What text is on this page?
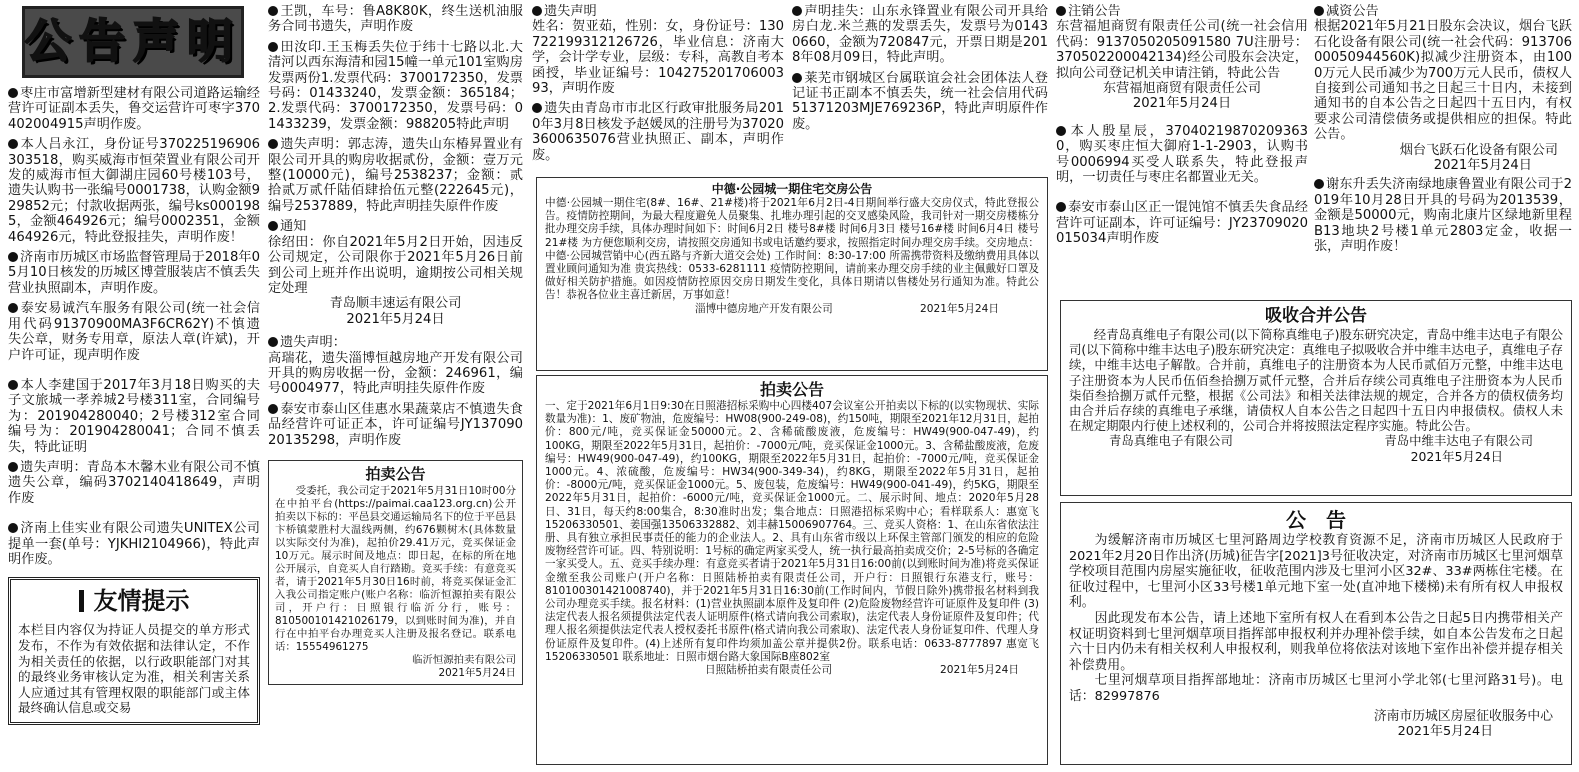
公告声明
枣庄市富增新型建材有限公司道路运输经营许可证副本丢失，鲁交运营许可枣字370402004915声明作废。
本人吕永江，身份证号370225196906303518，购买威海市恒荣置业有限公司开发的威海市恒大御湖庄园60号楼103号，遗失认购书一张编号0001738，认购金额929852元；付款收据两张，编号ks0001985，金额464926元；编号0002351，金额464926元，特此登报挂失，声明作废！
济南市历城区市场监督管理局于2018年05月10日核发的历城区博萱服装店不慎丢失营业执照副本，声明作废。
泰安易诚汽车服务有限公司(统一社会信用代码91370900MA3F6CR62Y)不慎遗失公章，财务专用章，原法人章(许斌)，开户许可证，现声明作废
本人李建国于2017年3月18日购买的夫子文旅城一孝养城2号楼311室，合同编号为：201904280040；2号楼312室合同编号为：201904280041；合同不慎丢失，特此证明
遗失声明：青岛本木馨木业有限公司不慎遗失公章，编码3702140418649，声明作废
济南上佳实业有限公司遗失UNITEX公司提单一套(单号：YJKHI2104966)，特此声明作废。
友情提示
本栏目内容仅为持证人员提交的单方形式发布，不作为有效依据和法律认定，不作为相关责任的依据，以行政职能部门对其的最终业务审核认定为准，相关利害关系人应通过其有管理权限的职能部门或主体最终确认信息或交易
王凯，车号：鲁A8K80K，终生送机油服务合同书遗失，声明作废
田汝印.王玉梅丢失位于纬十七路以北.大清河以西东海清和园15幢一单元101室购房发票两份1.发票代码：3700172350，发票号码：01433240，发票金额：365184；2.发票代码：3700172350，发票号码：01433239，发票金额：988205特此声明
遗失声明：郭志涛，遗失山东椿昇置业有限公司开具的购房收据贰份，金额：壹万元整(10000元)，编号2538237；金额：贰拾贰万贰仟陆佰肆拾伍元整(222645元)，编号2537889，特此声明挂失原件作废
通知
徐绍田：你自2021年5月2日开始，因违反公司规定，公司限你于2021年5月26日前到公司上班并作出说明，逾期按公司相关规定处理
青岛顺丰速运有限公司
2021年5月24日
遗失声明：
高瑞花，遗失淄博恒越房地产开发有限公司开具的购房收据一份，金额：246961，编号0004977，特此声明挂失原件作废
泰安市泰山区佳惠水果蔬菜店不慎遗失食品经营许可证正本，许可证编号JY13709020135298，声明作废
拍卖公告
受委托，我公司定于2021年5月31日10时00分在中拍平台(https://paimai.caa123.org.cn)公开拍卖以下标的：平邑县交通运输局名下的位于平邑县卞桥镇蒙胜村大温线两侧，约676颗树木(具体数量以实际交付为准)，起拍价29.41万元，竞买保证金10万元。展示时间及地点：即日起，在标的所在地公开展示，自竞买人自行踏勘。竞买手续：有意竞买者，请于2021年5月30日16时前，将竞买保证金汇入我公司指定账户(账户名称：临沂恒源拍卖有限公司，开户行：日照银行临沂分行，账号：810500101421026179，以到账时间为准)，并自行在中拍平台办理竞买人注册及报名登记。联系电话：15554961275
临沂恒源拍卖有限公司
2021年5月24日
遗失声明
姓名：贺亚茹，性别：女，身份证号：130722199312126726，毕业信息：济南大学，会计学专业，层级：专科，高教自考本函授，毕业证编号：10427520170600393，声明作废
遗失由青岛市市北区行政审批服务局2010年3月8日核发予赵媛凤的注册号为370203600635076营业执照正、副本，声明作废。
中德·公园城一期住宅交房公告
中德·公园城一期住宅(8#、16#、21#楼)将于2021年6月2日-4日期间举行盛大交房仪式，特此登报公告。疫情防控期间，为最大程度避免人员聚集、扎堆办理引起的交叉感染风险，我司针对一期交房楼栋分批办理交房手续，具体办理时间如下：时间6月2日 楼号8#楼 时间6月3日 楼号16#楼 时间6月4日 楼号21#楼 为方便您顺利交房，请按照交房通知书或电话邀约要求，按照指定时间办理交房手续。交房地点：中德·公园城营销中心(西五路与齐新大道交会处) 工作时间：8:30-17:00 所需携带资料及缴纳费用具体以置业顾问通知为准 贵宾热线：0533-6281111 疫情防控期间，请前来办理交房手续的业主佩戴好口罩及做好相关防护措施。如因疫情防控原因交房日期发生变化，具体日期请以售楼处另行通知为准。特此公告！恭祝各位业主喜迁新居，万事如意！
淄博中德房地产开发有限公司	2021年5月24日
拍卖公告
一、定于2021年6月1日9:30在日照港招标采购中心四楼407会议室公开拍卖以下标的(以实物现状、实际数量为准)：1、废矿物油，危废编号：HW08(900-249-08)，约150吨，期限至2021年12月31日，起拍价：800元/吨，竞买保证金50000元。2、含稀硫酸废液，危废编号：HW49(900-047-49)，约100KG，期限至2022年5月31日，起拍价：-7000元/吨，竞买保证金1000元。3、含稀盐酸废液，危废编号：HW49(900-047-49)，约100KG，期限至2022年5月31日，起拍价：-7000元/吨，竞买保证金1000元。4、浓硫酸，危废编号：HW34(900-349-34)，约8KG，期限至2022年5月31日，起拍价：-8000元/吨，竞买保证金1000元。5、废包装，危废编号：HW49(900-041-49)，约5KG，期限至2022年5月31日，起拍价：-6000元/吨，竞买保证金1000元。二、展示时间、地点：2020年5月28日、31日，每天约8:00集合，8:30准时出发；集合地点：日照港招标采购中心；看样联系人：惠宽飞15206330501、姜国强13506332882、刘丰赫15006907764。三、竞买人资格：1、在山东省依法注册、具有独立承担民事责任的能力的企业法人。2、具有山东省市级以上环保主管部门颁发的相应的危险废物经营许可证。四、特别说明：1号标的确定两家买受人，统一执行最高拍卖成交价；2-5号标的各确定一家买受人。五、竞买手续办理：有意竞买者请于2021年5月31日16:00前(以到账时间为准)将竞买保证金缴至我公司账户(开户名称：日照陆桥拍卖有限责任公司，开户行：日照银行东港支行，账号：810100301421008740)，并于2021年5月31日16:30前(工作时间内，节假日除外)携带报名材料到我公司办理竞买手续。报名材料：(1)营业执照副本原件及复印件 (2)危险废物经营许可证原件及复印件 (3)法定代表人报名须提供法定代表人证明原件(格式请向我公司索取)，法定代表人身份证原件及复印件；代理人报名须提供法定代表人授权委托书原件(格式请向我公司索取)、法定代表人身份证复印件、代理人身份证原件及复印件。(4)上述所有复印件均须加盖公章并提供2份。联系电话：0633-8777897 惠宽飞15206330501 联系地址：日照市烟台路大象国际B座802室
日照陆桥拍卖有限责任公司	2021年5月24日
声明挂失：山东永锋置业有限公司开具给房白龙.米兰燕的发票丢失，发票号为01430660，金额为720847元，开票日期是2018年08月09日，特此声明。
莱芜市钢城区台属联谊会社会团体法人登记证书正副本不慎丢失，统一社会信用代码51371203MJE769236P，特此声明原件作废。
注销公告
东营福旭商贸有限责任公司(统一社会信用代码：9137050205091580 7U注册号：370502200042134)经公司股东会决定，拟向公司登记机关申请注销，特此公告
东营福旭商贸有限责任公司
2021年5月24日
本人殷星辰，370402198702093630，购买枣庄恒大御府1-1-2903，认购书号0006994买受人联系失，特此登报声明，一切责任与枣庄名都置业无关。
泰安市泰山区正一馄饨馆不慎丢失食品经营许可证副本，许可证编号：JY23709020015034声明作废
减资公告
根据2021年5月21日股东会决议，烟台飞跃石化设备有限公司(统一社会代码：91370600050944560K)拟减少注册资本，由1000万元人民币减少为700万元人民币，债权人自接到公司通知书之日起三十日内，未接到通知书的自本公告之日起四十五日内，有权要求公司清偿债务或提供相应的担保。特此公告。
烟台飞跃石化设备有限公司
2021年5月24日
谢东升丢失济南绿地康鲁置业有限公司于2019年10月28日开具的号码为2013539，金额是50000元，购南北康片区绿地新里程B13地块2号楼1单元2803定金，收据一张，声明作废！
吸收合并公告
经青岛真维电子有限公司(以下简称真维电子)股东研究决定，青岛中维丰达电子有限公司(以下简称中维丰达电子)股东研究决定：真维电子拟吸收合并中维丰达电子，真维电子存续，中维丰达电子解散。合并前，真维电子的注册资本为人民币贰佰万元整，中维丰达电子注册资本为人民币伍佰叁拾捌万贰仟元整，合并后存续公司真维电子注册资本为人民币柒佰叁拾捌万贰仟元整，根据《公司法》和相关法律法规的规定，合并各方的债权债务均由合并后存续的真维电子承继，请债权人自本公告之日起四十五日内申报债权。债权人未在规定期限内行使上述权利的，公司合并将按照法定程序实施。特此公告。
青岛真维电子有限公司	青岛中维丰达电子有限公司
2021年5月24日
公　告
为缓解济南市历城区七里河路周边学校教育资源不足，济南市历城区人民政府于2021年2月20日作出济(历城)征告字[2021]3号征收决定，对济南市历城区七里河烟草学校项目范围内房屋实施征收，征收范围内涉及七里河小区32#、33#两栋住宅楼。在征收过程中，七里河小区33号楼1单元地下室一处(直冲地下楼梯)未有所有权人申报权利。
因此现发布本公告，请上述地下室所有权人在看到本公告之日起5日内携带相关产权证明资料到七里河烟草项目指挥部申报权利并办理补偿手续，如自本公告发布之日起六十日内仍未有相关权利人申报权利，则我单位将依法对该地下室作出补偿并提存相关补偿费用。
七里河烟草项目指挥部地址：济南市历城区七里河小学北邻(七里河路31号)。电话：82997876
济南市历城区房屋征收服务中心
2021年5月24日
